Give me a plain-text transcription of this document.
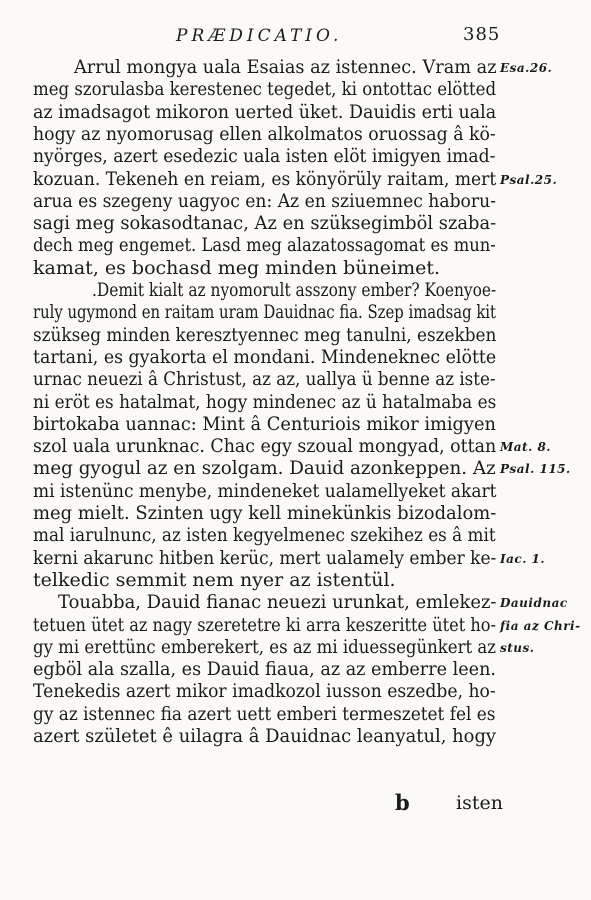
PRÆDICATIO.	385
Arrul mongya uala Esaias az istennec. Vram az Esa.26.
meg szorulasba kerestenec tegedet, ki ontottac elötted
az imadsagot mikoron uerted üket. Dauidis erti uala
hogy az nyomorusag ellen alkolmatos oruossag â kö-
nyörges, azert esedezic uala isten elöt imigyen imad-
kozuan. Tekeneh en reiam, es könyörüly raitam, mert Psal.25.
arua es szegeny uagyoc en: Az en sziuemnec haboru-
sagi meg sokasodtanac, Az en szüksegimböl szaba-
dech meg engemet. Lasd meg alazatossagomat es mun-
kamat, es bochasd meg minden büneimet.
.Demit kialt az nyomorult asszony ember? Koenyoe-
ruly ugymond en raitam uram Dauidnac fia. Szep imadsag kit
szükseg minden keresztyennec meg tanulni, eszekben
tartani, es gyakorta el mondani. Mindeneknec elötte
urnac neuezi â Christust, az az, uallya ü benne az iste-
ni eröt es hatalmat, hogy mindenec az ü hatalmaba es
birtokaba uannac: Mint â Centuriois mikor imigyen
szol uala urunknac. Chac egy szoual mongyad, ottan Mat. 8.
meg gyogul az en szolgam. Dauid azonkeppen. Az Psal. 115.
mi istenünc menybe, mindeneket ualamellyeket akart
meg mielt. Szinten ugy kell minekünkis bizodalom-
mal iarulnunc, az isten kegyelmenec szekihez es â mit
kerni akarunc hitben kerüc, mert ualamely ember ke- Iac. 1.
telkedic semmit nem nyer az istentül.
Touabba, Dauid fianac neuezi urunkat, emlekez- Dauidnac
tetuen ütet az nagy szeretetre ki arra keszeritte ütet ho- fia az Chri-
gy mi erettünc emberekert, es az mi iduessegünkert az stus.
egböl ala szalla, es Dauid fiaua, az az emberre leen.
Tenekedis azert mikor imadkozol iusson eszedbe, ho-
gy az istennec fia azert uett emberi termeszetet fel es
azert születet ê uilagra â Dauidnac leanyatul, hogy
b isten
